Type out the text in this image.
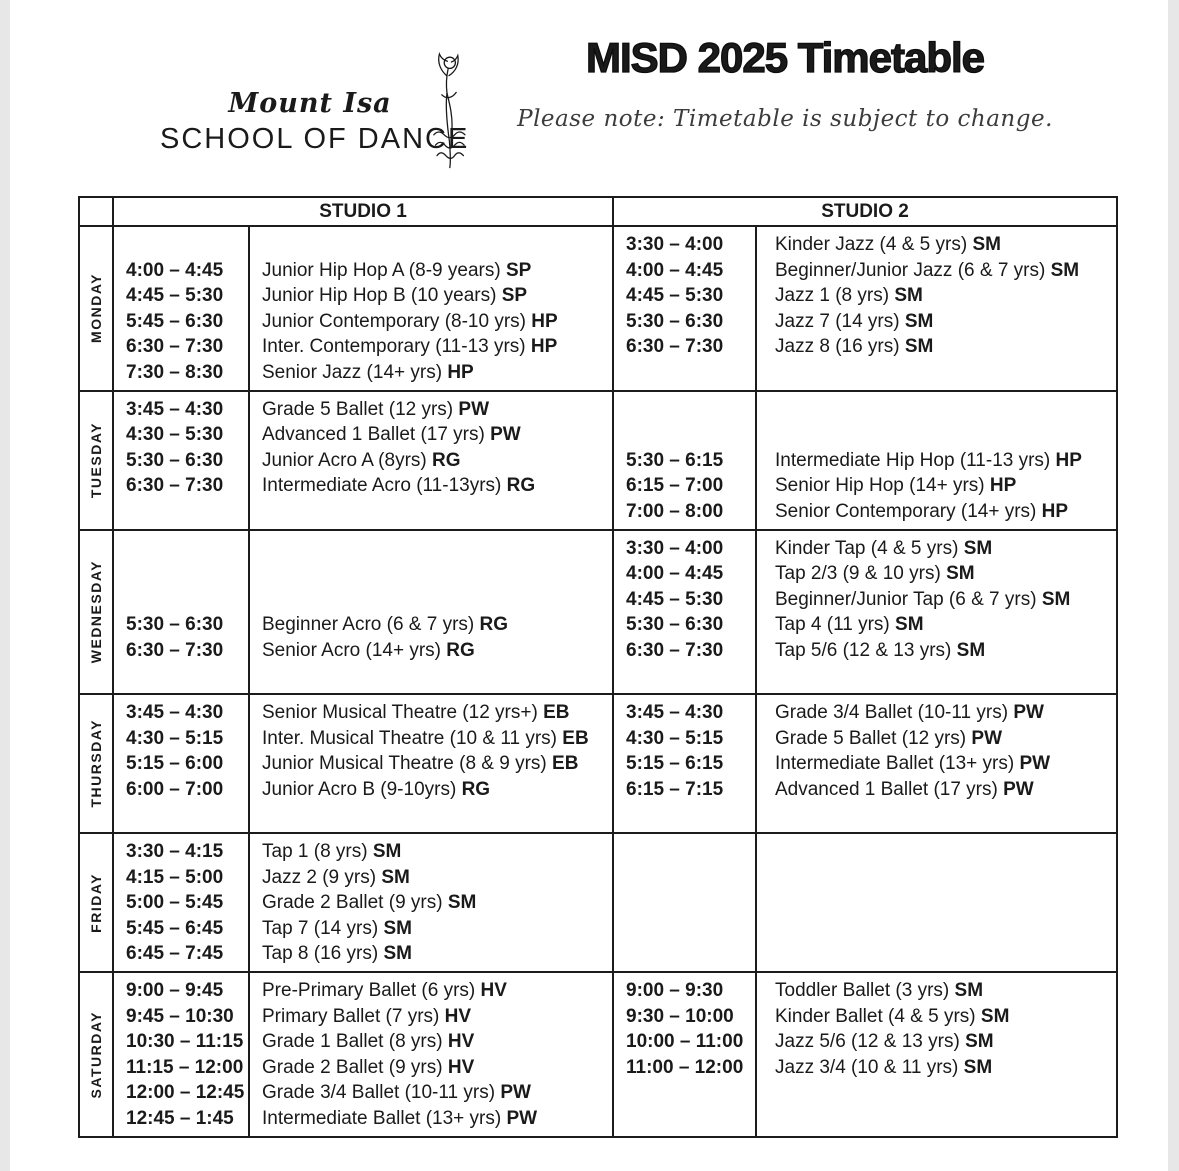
Mount Isa
SCHOOL OF DANCE
MISD 2025 Timetable
Please note: Timetable is subject to change.
STUDIO 1	STUDIO 2
MONDAY

4:00 – 4:45
4:45 – 5:30
5:45 – 6:30
6:30 – 7:30
7:30 – 8:30

Junior Hip Hop A (8-9 years) SP
Junior Hip Hop B (10 years) SP
Junior Contemporary (8-10 yrs) HP
Inter. Contemporary (11-13 yrs) HP
Senior Jazz (14+ yrs) HP
3:30 – 4:00
4:00 – 4:45
4:45 – 5:30
5:30 – 6:30
6:30 – 7:30

Kinder Jazz (4 & 5 yrs) SM
Beginner/Junior Jazz (6 & 7 yrs) SM
Jazz 1 (8 yrs) SM
Jazz 7 (14 yrs) SM
Jazz 8 (16 yrs) SM

TUESDAY
3:45 – 4:30
4:30 – 5:30
5:30 – 6:30
6:30 – 7:30

Grade 5 Ballet (12 yrs) PW
Advanced 1 Ballet (17 yrs) PW
Junior Acro A (8yrs) RG
Intermediate Acro (11-13yrs) RG

5:30 – 6:15
6:15 – 7:00
7:00 – 8:00

Intermediate Hip Hop (11-13 yrs) HP
Senior Hip Hop (14+ yrs) HP
Senior Contemporary (14+ yrs) HP
WEDNESDAY

	5:30 – 6:30
6:30 – 7:30

Beginner Acro (6 & 7 yrs) RG
Senior Acro (14+ yrs) RG

3:30 – 4:00
4:00 – 4:45
4:45 – 5:30
5:30 – 6:30
6:30 – 7:30

Kinder Tap (4 & 5 yrs) SM
Tap 2/3 (9 & 10 yrs) SM
Beginner/Junior Tap (6 & 7 yrs) SM
Tap 4 (11 yrs) SM
Tap 5/6 (12 & 13 yrs) SM

THURSDAY
3:45 – 4:30
4:30 – 5:15
5:15 – 6:00
6:00 – 7:00

Senior Musical Theatre (12 yrs+) EB
Inter. Musical Theatre (10 & 11 yrs) EB
Junior Musical Theatre (8 & 9 yrs) EB
Junior Acro B (9-10yrs) RG

3:45 – 4:30
4:30 – 5:15
5:15 – 6:15
6:15 – 7:15

Grade 3/4 Ballet (10-11 yrs) PW
Grade 5 Ballet (12 yrs) PW
Intermediate Ballet (13+ yrs) PW
Advanced 1 Ballet (17 yrs) PW

FRIDAY
3:30 – 4:15
4:15 – 5:00
5:00 – 5:45
5:45 – 6:45
6:45 – 7:45
Tap 1 (8 yrs) SM
Jazz 2 (9 yrs) SM
Grade 2 Ballet (9 yrs) SM
Tap 7 (14 yrs) SM
Tap 8 (16 yrs) SM

SATURDAY
9:00 – 9:45
9:45 – 10:30
10:30 – 11:15
11:15 – 12:00
12:00 – 12:45
12:45 – 1:45
Pre-Primary Ballet (6 yrs) HV
Primary Ballet (7 yrs) HV
Grade 1 Ballet (8 yrs) HV
Grade 2 Ballet (9 yrs) HV
Grade 3/4 Ballet (10-11 yrs) PW
Intermediate Ballet (13+ yrs) PW
9:00 – 9:30
9:30 – 10:00
10:00 – 11:00
11:00 – 12:00

Toddler Ballet (3 yrs) SM
Kinder Ballet (4 & 5 yrs) SM
Jazz 5/6 (12 & 13 yrs) SM
Jazz 3/4 (10 & 11 yrs) SM
